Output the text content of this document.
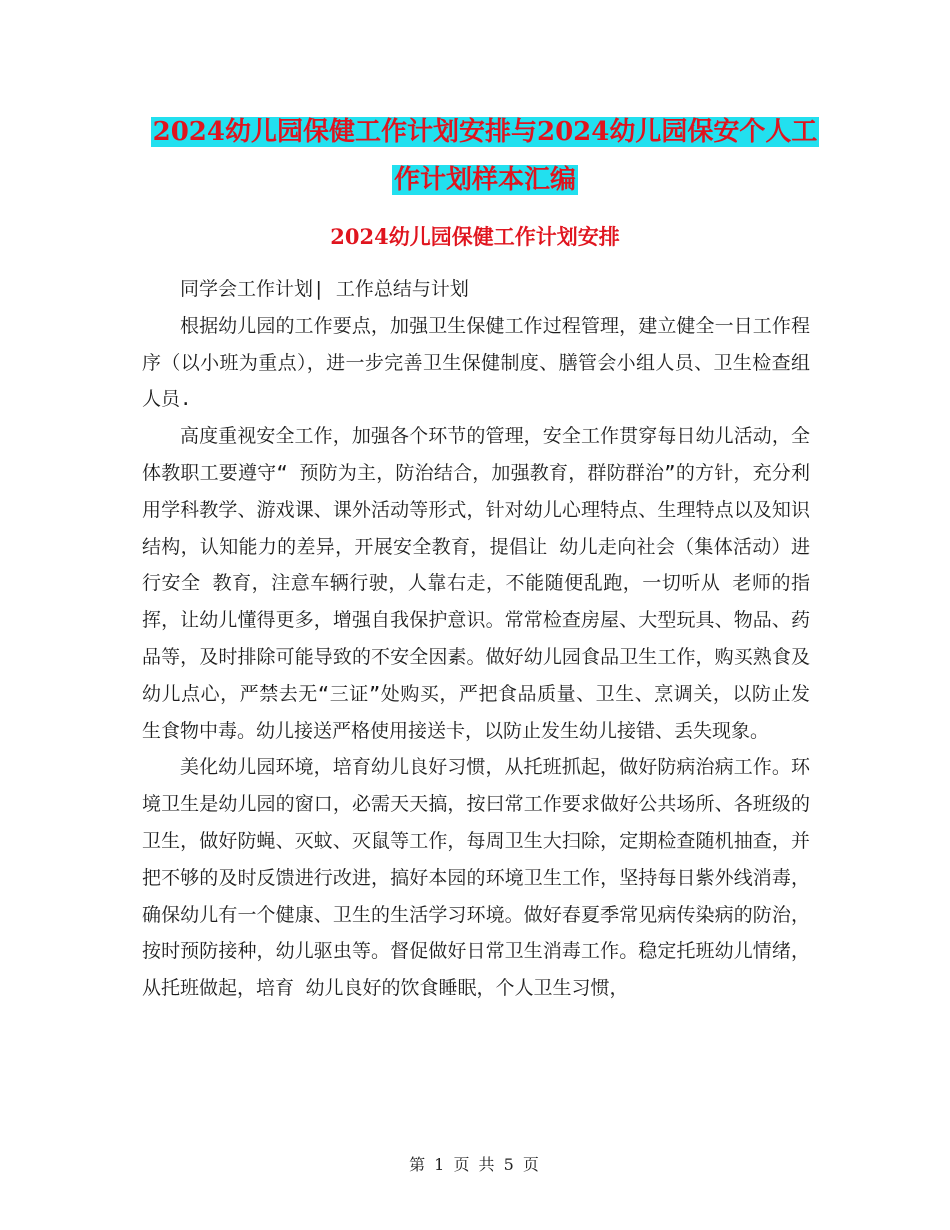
2024幼儿园保健工作计划安排与2024幼儿园保安个人工作计划样本汇编
2024幼儿园保健工作计划安排

同学会工作计划| 工作总结与计划

根据幼儿园的工作要点，加强卫生保健工作过程管理，建立健全一日工作程序（以小班为重点），进一步完善卫生保健制度、膳管会小组人员、卫生检查组人员.

高度重视安全工作，加强各个环节的管理，安全工作贯穿每日幼儿活动，全体教职工要遵守“ 预防为主，防治结合，加强教育，群防群治”的方针，充分利用学科教学、游戏课、课外活动等形式，针对幼儿心理特点、生理特点以及知识结构，认知能力的差异，开展安全教育，提倡让 幼儿走向社会（集体活动）进行安全 教育，注意车辆行驶，人靠右走，不能随便乱跑，一切听从 老师的指挥，让幼儿懂得更多，增强自我保护意识。常常检查房屋、大型玩具、物品、药品等，及时排除可能导致的不安全因素。做好幼儿园食品卫生工作，购买熟食及幼儿点心，严禁去无“三证”处购买，严把食品质量、卫生、烹调关，以防止发生食物中毒。幼儿接送严格使用接送卡，以防止发生幼儿接错、丢失现象。

美化幼儿园环境，培育幼儿良好习惯，从托班抓起，做好防病治病工作。环境卫生是幼儿园的窗口，必需天天搞，按曰常工作要求做好公共场所、各班级的卫生，做好防蝇、灭蚊、灭鼠等工作，每周卫生大扫除，定期检查随机抽查，并把不够的及时反馈进行改进，搞好本园的环境卫生工作，坚持每日紫外线消毒，确保幼儿有一个健康、卫生的生活学习环境。做好春夏季常见病传染病的防治，按时预防接种，幼儿驱虫等。督促做好日常卫生消毒工作。稳定托班幼儿情绪，从托班做起，培育 幼儿良好的饮食睡眠，个人卫生习惯，

第 1 页 共 5 页
